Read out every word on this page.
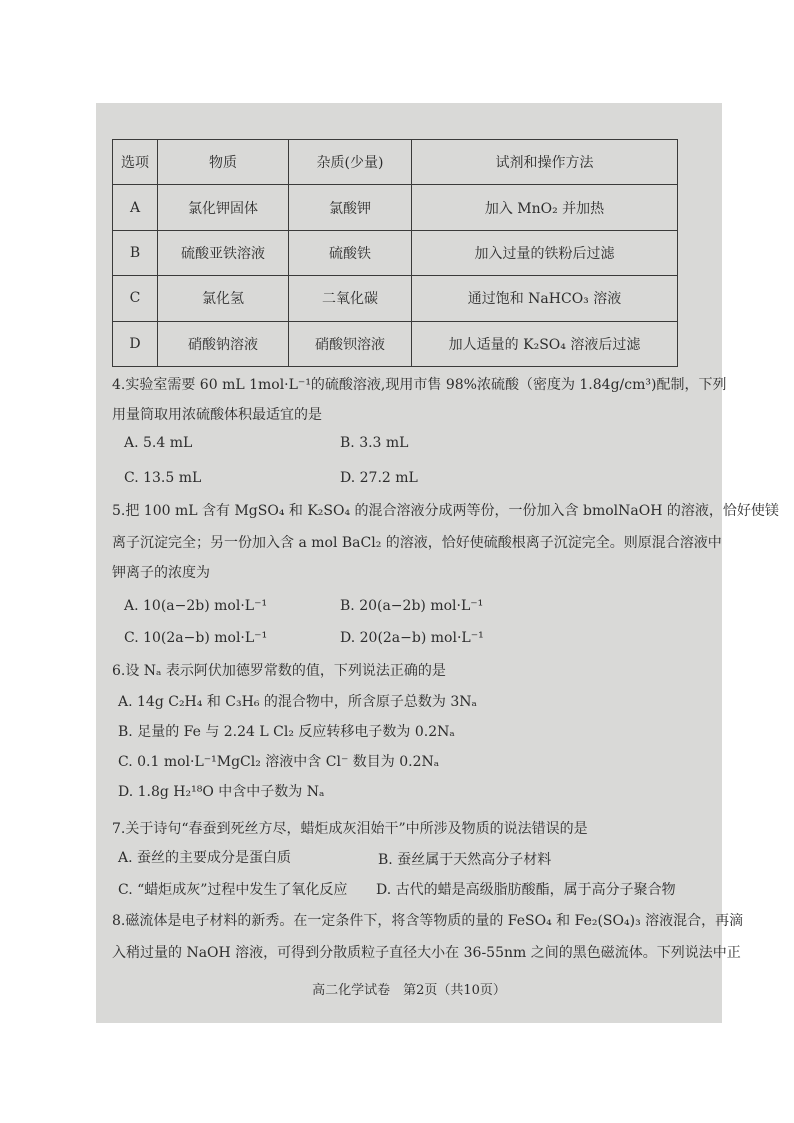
选项	物质	杂质(少量)	试剂和操作方法
A	氯化钾固体	氯酸钾	加入 MnO₂ 并加热
B	硫酸亚铁溶液	硫酸铁	加入过量的铁粉后过滤
C	氯化氢	二氧化碳	通过饱和 NaHCO₃ 溶液
D	硝酸钠溶液	硝酸钡溶液	加人适量的 K₂SO₄ 溶液后过滤
4.实验室需要 60 mL 1mol·L⁻¹的硫酸溶液,现用市售 98%浓硫酸（密度为 1.84g/cm³)配制，下列
用量筒取用浓硫酸体积最适宜的是
A. 5.4 mL	B. 3.3 mL
C. 13.5 mL	D. 27.2 mL
5.把 100 mL 含有 MgSO₄ 和 K₂SO₄ 的混合溶液分成两等份，一份加入含 bmolNaOH 的溶液，恰好使镁
离子沉淀完全；另一份加入含 a mol BaCl₂ 的溶液，恰好使硫酸根离子沉淀完全。则原混合溶液中
钾离子的浓度为
A. 10(a−2b) mol·L⁻¹	B. 20(a−2b) mol·L⁻¹
C. 10(2a−b) mol·L⁻¹	D. 20(2a−b) mol·L⁻¹
6.设 Nₐ 表示阿伏加德罗常数的值，下列说法正确的是
A. 14g C₂H₄ 和 C₃H₆ 的混合物中，所含原子总数为 3Nₐ
B. 足量的 Fe 与 2.24 L Cl₂ 反应转移电子数为 0.2Nₐ
C. 0.1 mol·L⁻¹MgCl₂ 溶液中含 Cl⁻ 数目为 0.2Nₐ
D. 1.8g H₂¹⁸O 中含中子数为 Nₐ
7.关于诗句“春蚕到死丝方尽，蜡炬成灰泪始干”中所涉及物质的说法错误的是
A. 蚕丝的主要成分是蛋白质	B. 蚕丝属于天然高分子材料
C. “蜡炬成灰”过程中发生了氧化反应 D. 古代的蜡是高级脂肪酸酯，属于高分子聚合物
8.磁流体是电子材料的新秀。在一定条件下，将含等物质的量的 FeSO₄ 和 Fe₂(SO₄)₃ 溶液混合，再滴
入稍过量的 NaOH 溶液，可得到分散质粒子直径大小在 36-55nm 之间的黑色磁流体。下列说法中正
高二化学试卷　第2页（共10页）
